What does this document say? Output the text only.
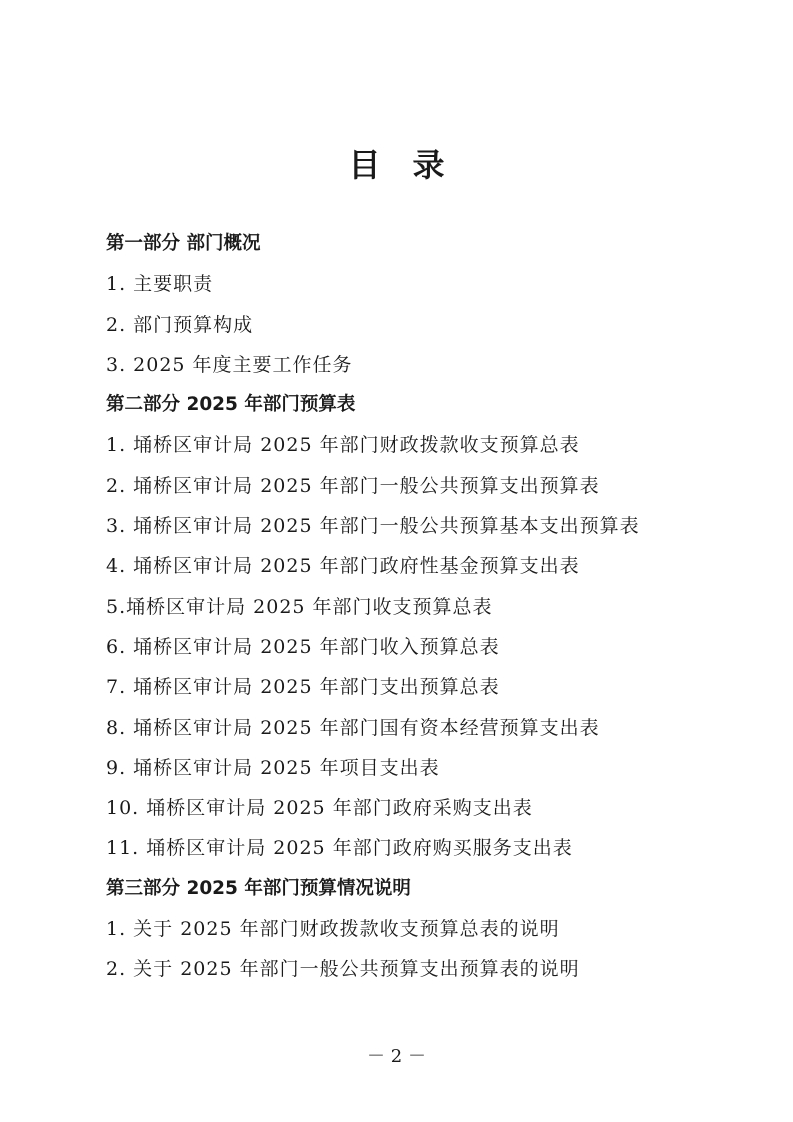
目　录
第一部分 部门概况
1. 主要职责
2. 部门预算构成
3. 2025 年度主要工作任务
第二部分 2025 年部门预算表
1. 埇桥区审计局 2025 年部门财政拨款收支预算总表
2. 埇桥区审计局 2025 年部门一般公共预算支出预算表
3. 埇桥区审计局 2025 年部门一般公共预算基本支出预算表
4. 埇桥区审计局 2025 年部门政府性基金预算支出表
5.埇桥区审计局 2025 年部门收支预算总表
6. 埇桥区审计局 2025 年部门收入预算总表
7. 埇桥区审计局 2025 年部门支出预算总表
8. 埇桥区审计局 2025 年部门国有资本经营预算支出表
9. 埇桥区审计局 2025 年项目支出表
10. 埇桥区审计局 2025 年部门政府采购支出表
11. 埇桥区审计局 2025 年部门政府购买服务支出表
第三部分 2025 年部门预算情况说明
1. 关于 2025 年部门财政拨款收支预算总表的说明
2. 关于 2025 年部门一般公共预算支出预算表的说明
－ 2 －
